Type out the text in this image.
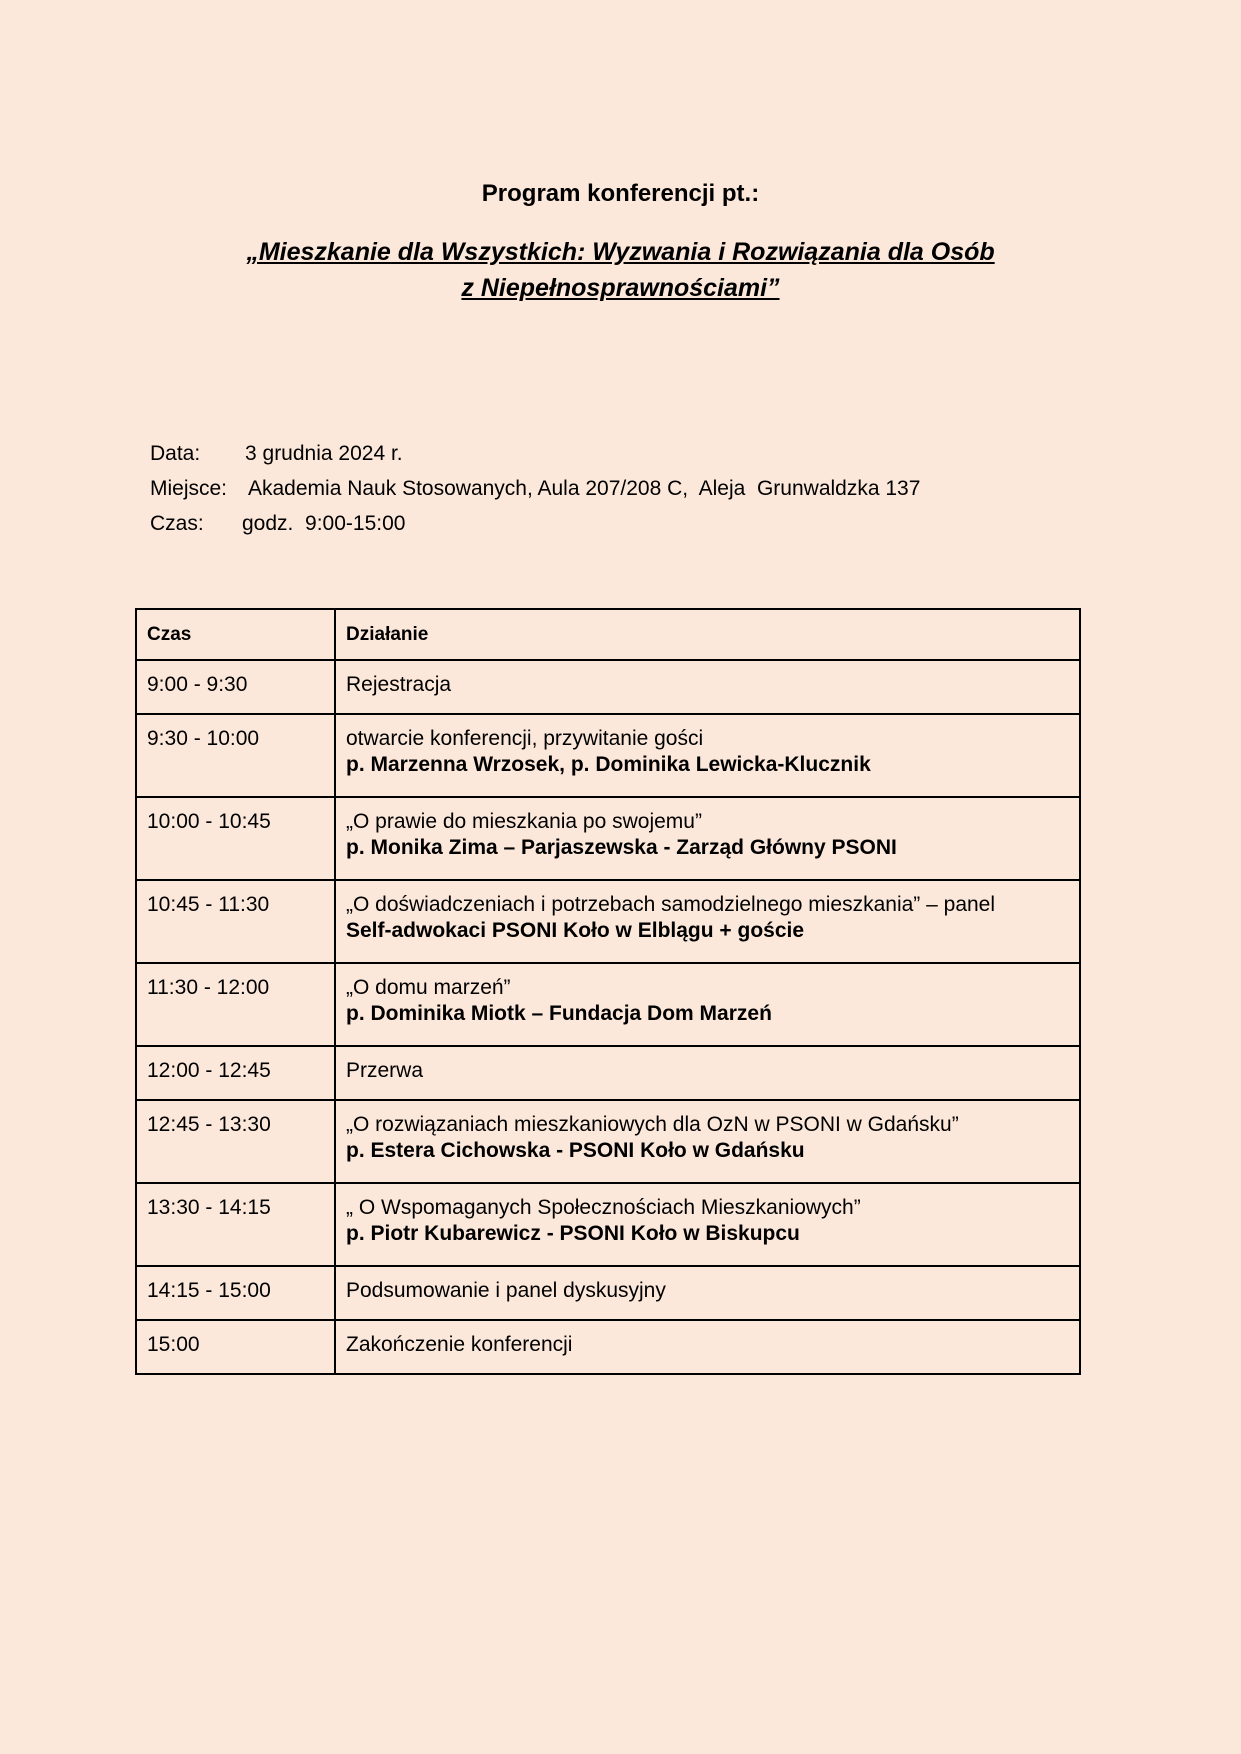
Program konferencji pt.:
„Mieszkanie dla Wszystkich: Wyzwania i Rozwiązania dla Osób
z Niepełnosprawnościami”
Data: 3 grudnia 2024 r.
Miejsce: Akademia Nauk Stosowanych, Aula 207/208 C,  Aleja  Grunwaldzka 137
Czas: godz.  9:00-15:00
Czas	Działanie
9:00 - 9:30	Rejestracja

9:30 - 10:00	otwarcie konferencji, przywitanie gości
p. Marzenna Wrzosek, p. Dominika Lewicka-Klucznik

10:00 - 10:45	„O prawie do mieszkania po swojemu”
p. Monika Zima – Parjaszewska - Zarząd Główny PSONI

10:45 - 11:30	„O doświadczeniach i potrzebach samodzielnego mieszkania” – panel
Self-adwokaci PSONI Koło w Elblągu + goście

11:30 - 12:00	„O domu marzeń”
p. Dominika Miotk – Fundacja Dom Marzeń

12:00 - 12:45	Przerwa

12:45 - 13:30	„O rozwiązaniach mieszkaniowych dla OzN w PSONI w Gdańsku”
p. Estera Cichowska - PSONI Koło w Gdańsku

13:30 - 14:15	„ O Wspomaganych Społecznościach Mieszkaniowych”
p. Piotr Kubarewicz - PSONI Koło w Biskupcu

14:15 - 15:00	Podsumowanie i panel dyskusyjny

15:00	Zakończenie konferencji
